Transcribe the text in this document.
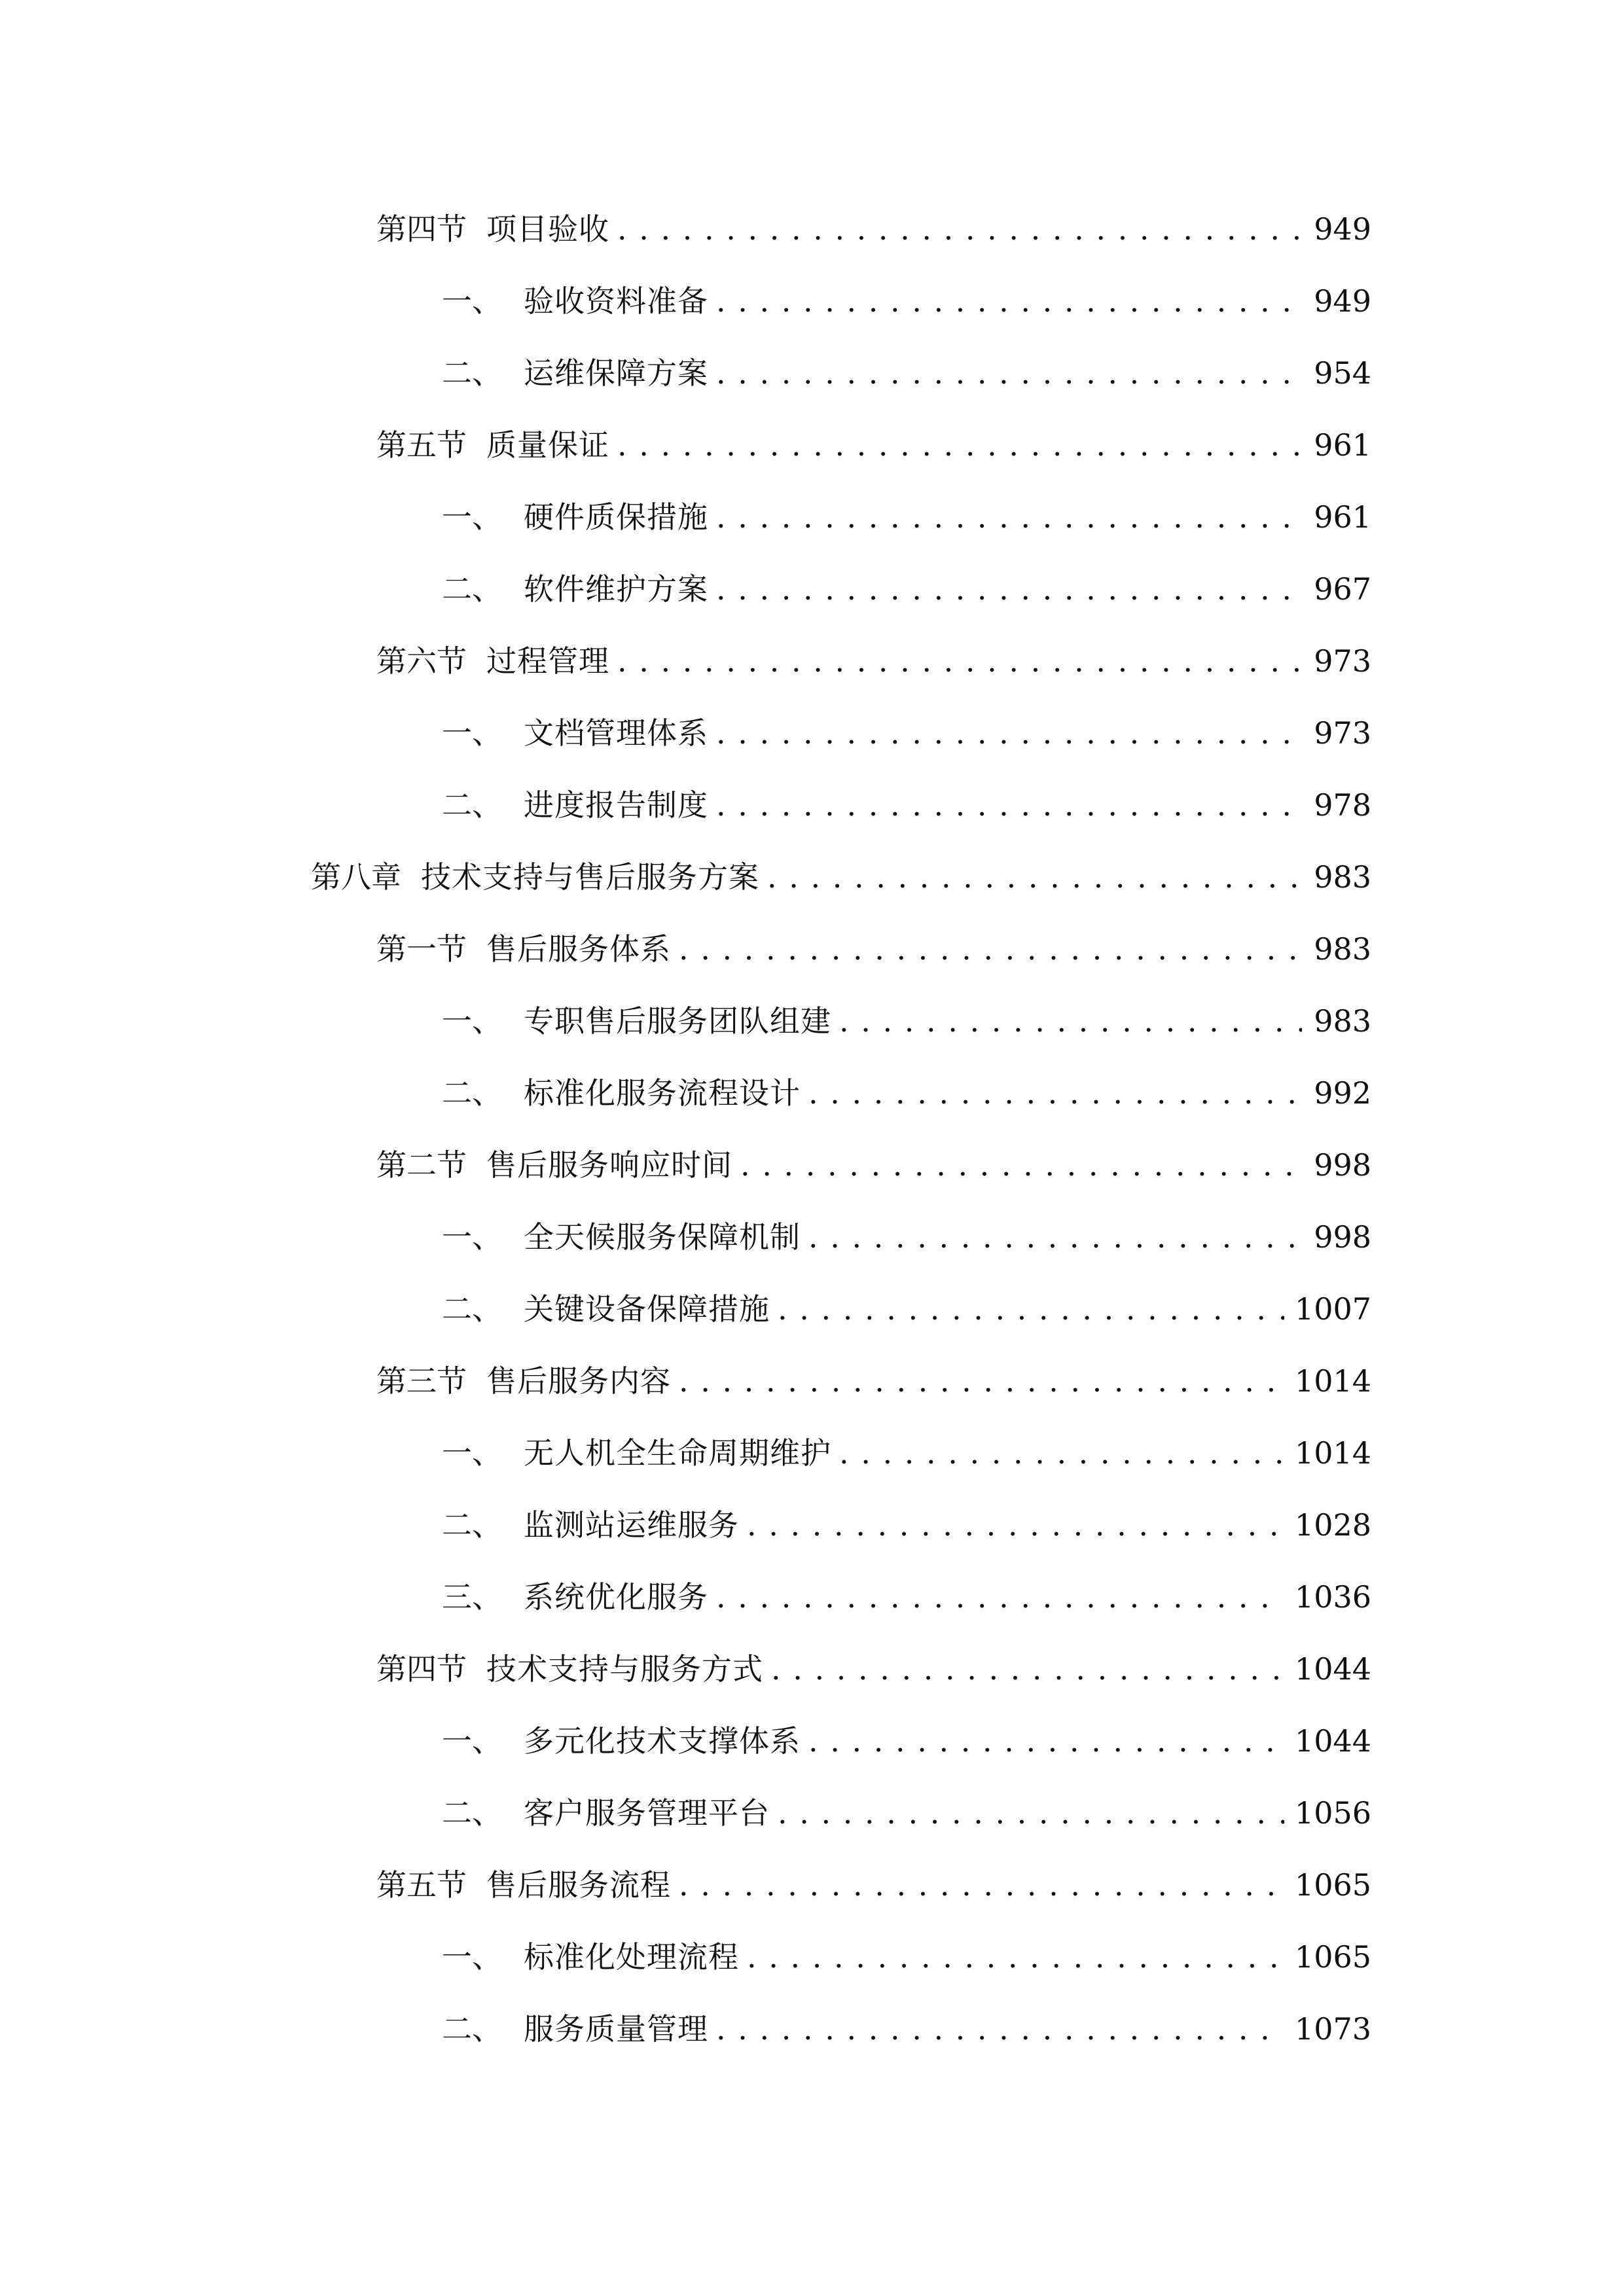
第四节 项目验收 . . .	949
一、 验收资料准备 . . .	949
二、 运维保障方案 . . .	954
第五节 质量保证 . . .	961
一、 硬件质保措施 . . .	961
二、 软件维护方案 . . .	967
第六节 过程管理 . . .	973
一、 文档管理体系 . . .	973
二、 进度报告制度 . . .	978
第八章 技术支持与售后服务方案 . . .	983
第一节 售后服务体系 . . .	983
一、 专职售后服务团队组建 . . .	983
二、 标准化服务流程设计 . . .	992
第二节 售后服务响应时间 . . .	998
一、 全天候服务保障机制 . . .	998
二、 关键设备保障措施 . . .	1007
第三节 售后服务内容 . . .	1014
一、 无人机全生命周期维护 . . .	1014
二、 监测站运维服务 . . .	1028
三、 系统优化服务 . . .	1036
第四节 技术支持与服务方式 . . .	1044
一、 多元化技术支撑体系 . . .	1044
二、 客户服务管理平台 . . .	1056
第五节 售后服务流程 . . .	1065
一、 标准化处理流程 . . .	1065
二、 服务质量管理 . . .	1073
